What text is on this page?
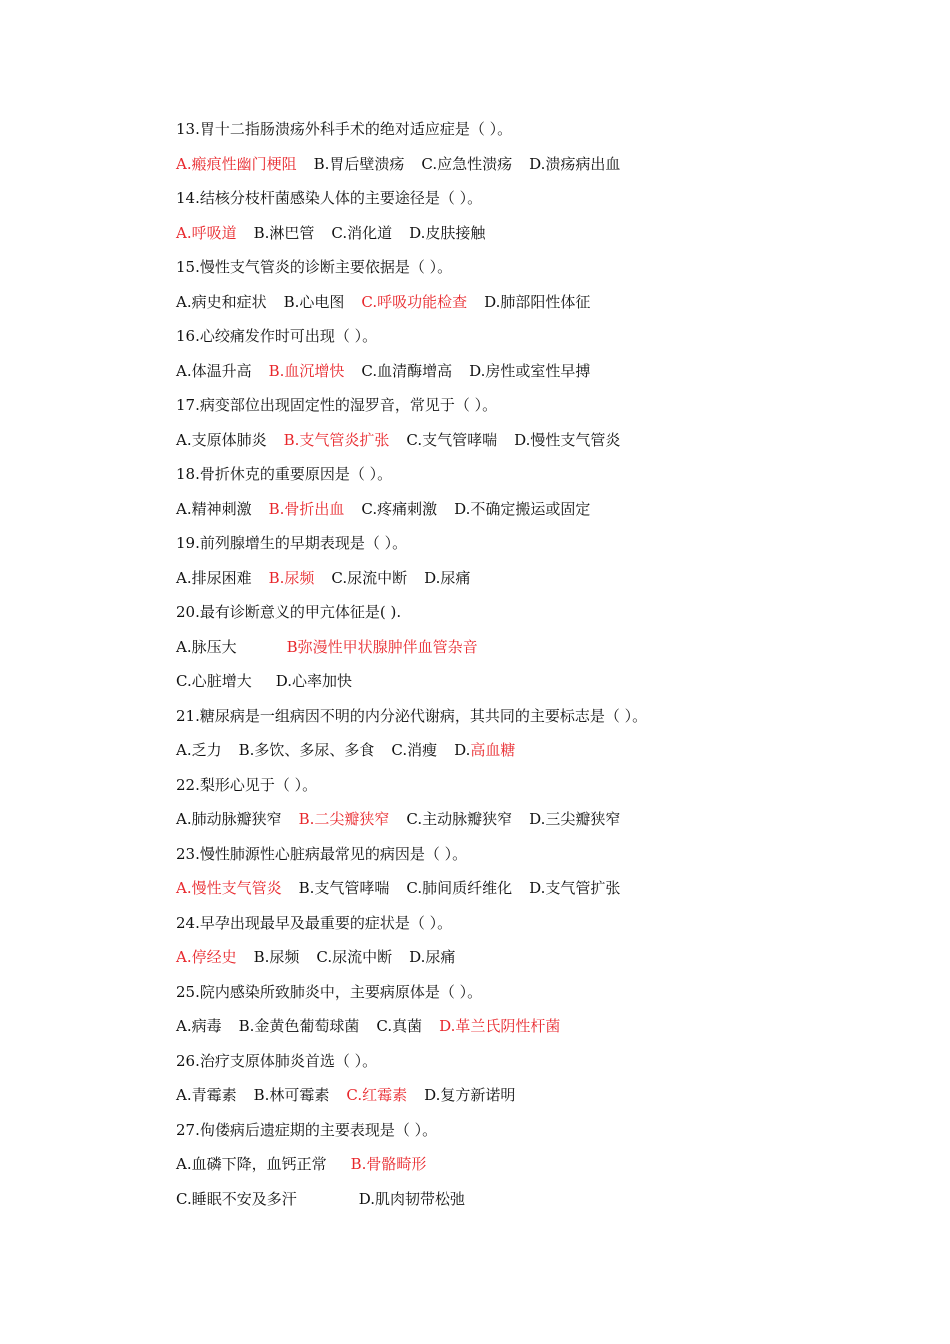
13.胃十二指肠溃疡外科手术的绝对适应症是（ ）。
A.瘢痕性幽门梗阻 B.胃后壁溃疡 C.应急性溃疡 D.溃疡病出血
14.结核分枝杆菌感染人体的主要途径是（ ）。
A.呼吸道 B.淋巴管 C.消化道 D.皮肤接触
15.慢性支气管炎的诊断主要依据是（ ）。
A.病史和症状 B.心电图 C.呼吸功能检查 D.肺部阳性体征
16.心绞痛发作时可出现（ ）。
A.体温升高 B.血沉增快 C.血清酶增高 D.房性或室性早搏
17.病变部位出现固定性的湿罗音，常见于（ ）。
A.支原体肺炎 B.支气管炎扩张 C.支气管哮喘 D.慢性支气管炎
18.骨折休克的重要原因是（ ）。
A.精神刺激 B.骨折出血 C.疼痛刺激 D.不确定搬运或固定
19.前列腺增生的早期表现是（ ）。
A.排尿困难 B.尿频 C.尿流中断 D.尿痛
20.最有诊断意义的甲亢体征是( ).
A.脉压大	B弥漫性甲状腺肿伴血管杂音
C.心脏增大 D.心率加快
21.糖尿病是一组病因不明的内分泌代谢病，其共同的主要标志是（ ）。
A.乏力 B.多饮、多尿、多食 C.消瘦 D.高血糖
22.梨形心见于（ ）。
A.肺动脉瓣狭窄 B.二尖瓣狭窄 C.主动脉瓣狭窄 D.三尖瓣狭窄
23.慢性肺源性心脏病最常见的病因是（ ）。
A.慢性支气管炎 B.支气管哮喘 C.肺间质纤维化 D.支气管扩张
24.早孕出现最早及最重要的症状是（ ）。
A.停经史 B.尿频 C.尿流中断 D.尿痛
25.院内感染所致肺炎中，主要病原体是（ ）。
A.病毒 B.金黄色葡萄球菌 C.真菌 D.革兰氏阴性杆菌
26.治疗支原体肺炎首选（ ）。
A.青霉素 B.林可霉素 C.红霉素 D.复方新诺明
27.佝偻病后遗症期的主要表现是（ ）。
A.血磷下降，血钙正常 B.骨骼畸形
C.睡眠不安及多汗	D.肌肉韧带松弛
